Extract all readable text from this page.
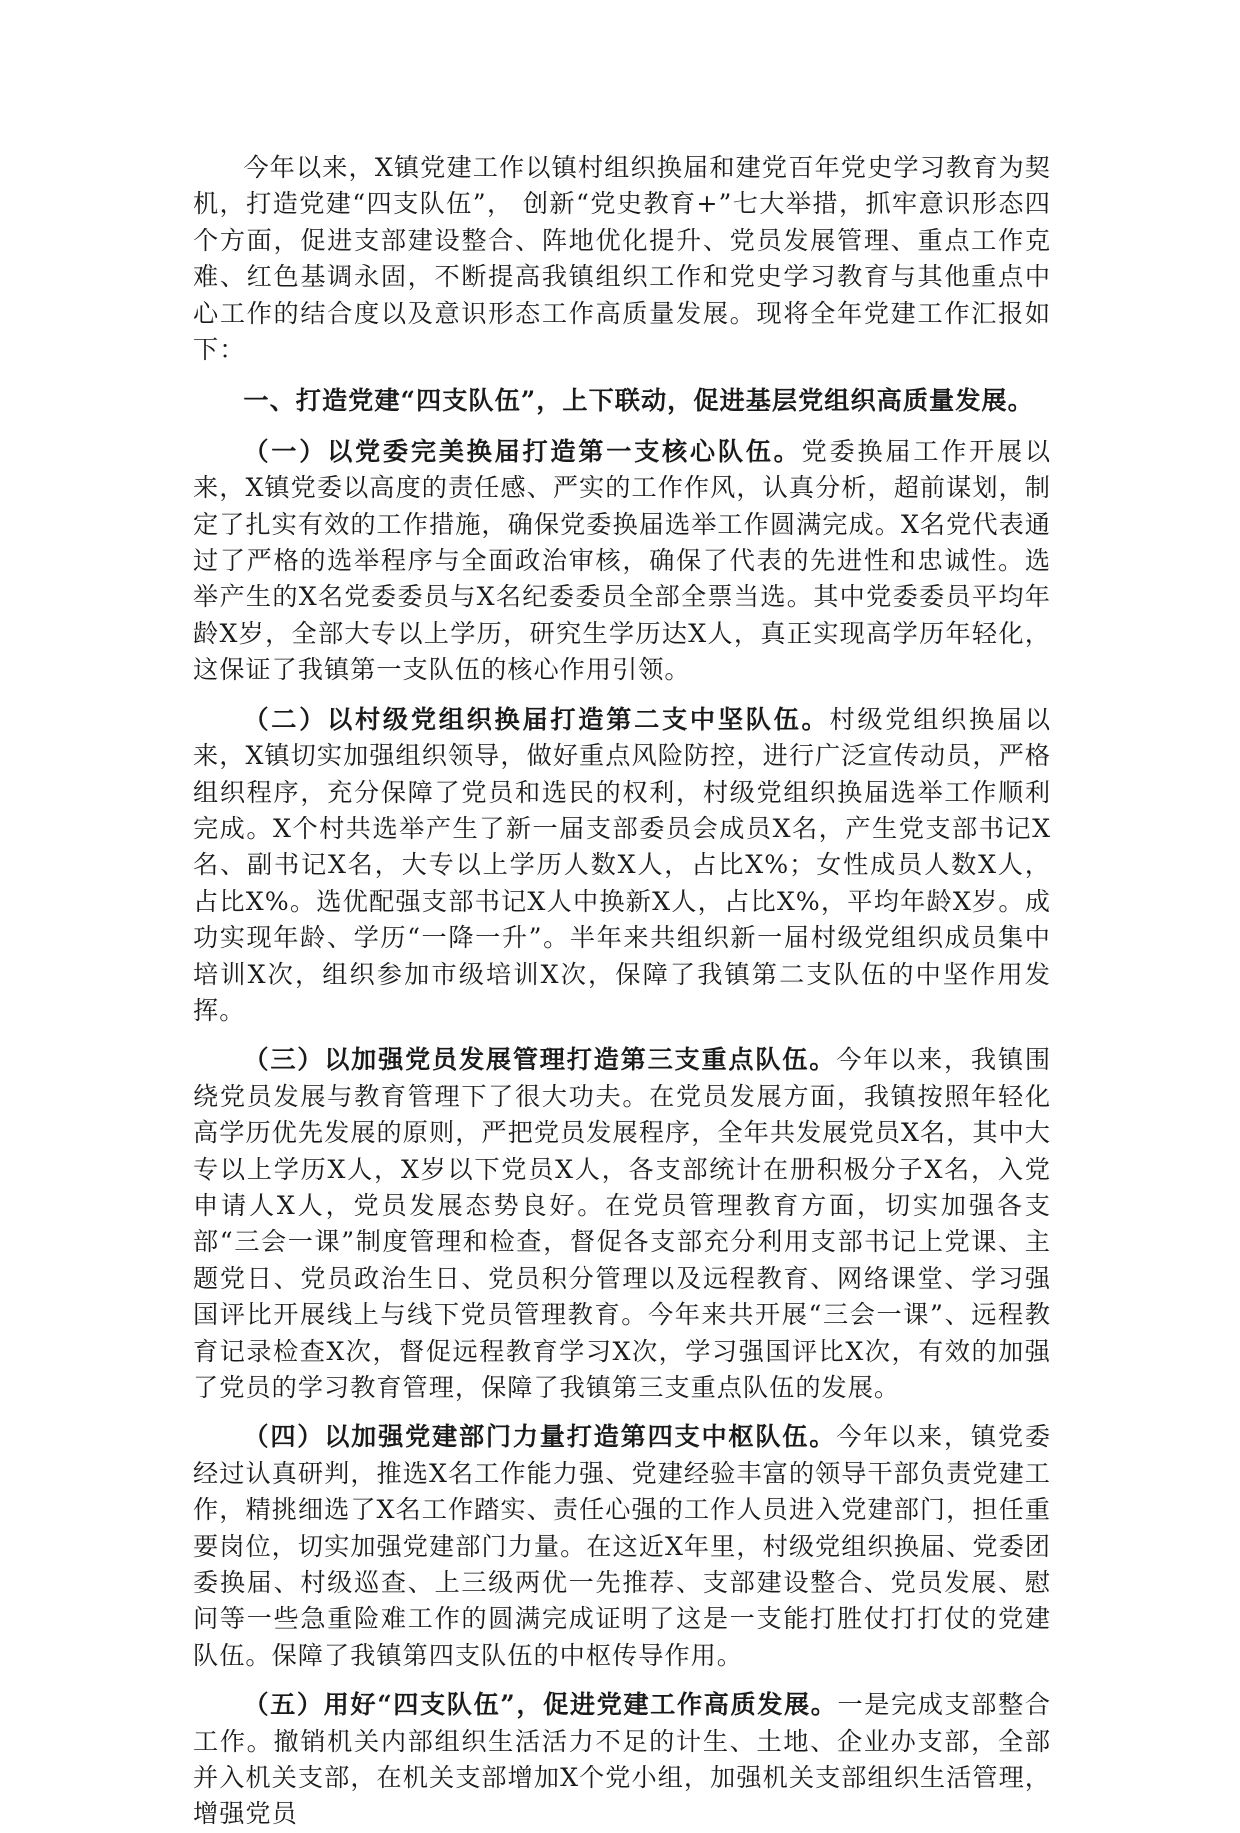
今年以来，X镇党建工作以镇村组织换届和建党百年党史学习教育为契机，打造党建“四支队伍”， 创新“党史教育+”七大举措，抓牢意识形态四个方面，促进支部建设整合、阵地优化提升、党员发展管理、重点工作克难、红色基调永固，不断提高我镇组织工作和党史学习教育与其他重点中心工作的结合度以及意识形态工作高质量发展。现将全年党建工作汇报如下：

一、打造党建“四支队伍”，上下联动，促进基层党组织高质量发展。

（一）以党委完美换届打造第一支核心队伍。党委换届工作开展以来，X镇党委以高度的责任感、严实的工作作风，认真分析，超前谋划，制定了扎实有效的工作措施，确保党委换届选举工作圆满完成。X名党代表通过了严格的选举程序与全面政治审核，确保了代表的先进性和忠诚性。选举产生的X名党委委员与X名纪委委员全部全票当选。其中党委委员平均年龄X岁，全部大专以上学历，研究生学历达X人，真正实现高学历年轻化，这保证了我镇第一支队伍的核心作用引领。

（二）以村级党组织换届打造第二支中坚队伍。村级党组织换届以来，X镇切实加强组织领导，做好重点风险防控，进行广泛宣传动员，严格组织程序，充分保障了党员和选民的权利，村级党组织换届选举工作顺利完成。X个村共选举产生了新一届支部委员会成员X名，产生党支部书记X名、副书记X名，大专以上学历人数X人，占比X%；女性成员人数X人，占比X%。选优配强支部书记X人中换新X人，占比X%，平均年龄X岁。成功实现年龄、学历“一降一升”。半年来共组织新一届村级党组织成员集中培训X次，组织参加市级培训X次，保障了我镇第二支队伍的中坚作用发挥。

（三）以加强党员发展管理打造第三支重点队伍。今年以来，我镇围绕党员发展与教育管理下了很大功夫。在党员发展方面，我镇按照年轻化高学历优先发展的原则，严把党员发展程序，全年共发展党员X名，其中大专以上学历X人，X岁以下党员X人，各支部统计在册积极分子X名，入党申请人X人，党员发展态势良好。在党员管理教育方面，切实加强各支部“三会一课”制度管理和检查，督促各支部充分利用支部书记上党课、主题党日、党员政治生日、党员积分管理以及远程教育、网络课堂、学习强国评比开展线上与线下党员管理教育。今年来共开展“三会一课”、远程教育记录检查X次，督促远程教育学习X次，学习强国评比X次，有效的加强了党员的学习教育管理，保障了我镇第三支重点队伍的发展。

（四）以加强党建部门力量打造第四支中枢队伍。今年以来，镇党委经过认真研判，推选X名工作能力强、党建经验丰富的领导干部负责党建工作，精挑细选了X名工作踏实、责任心强的工作人员进入党建部门，担任重要岗位，切实加强党建部门力量。在这近X年里，村级党组织换届、党委团委换届、村级巡查、上三级两优一先推荐、支部建设整合、党员发展、慰问等一些急重险难工作的圆满完成证明了这是一支能打胜仗打打仗的党建队伍。保障了我镇第四支队伍的中枢传导作用。

（五）用好“四支队伍”，促进党建工作高质发展。一是完成支部整合工作。撤销机关内部组织生活活力不足的计生、土地、企业办支部，全部并入机关支部，在机关支部增加X个党小组，加强机关支部组织生活管理，增强党员
